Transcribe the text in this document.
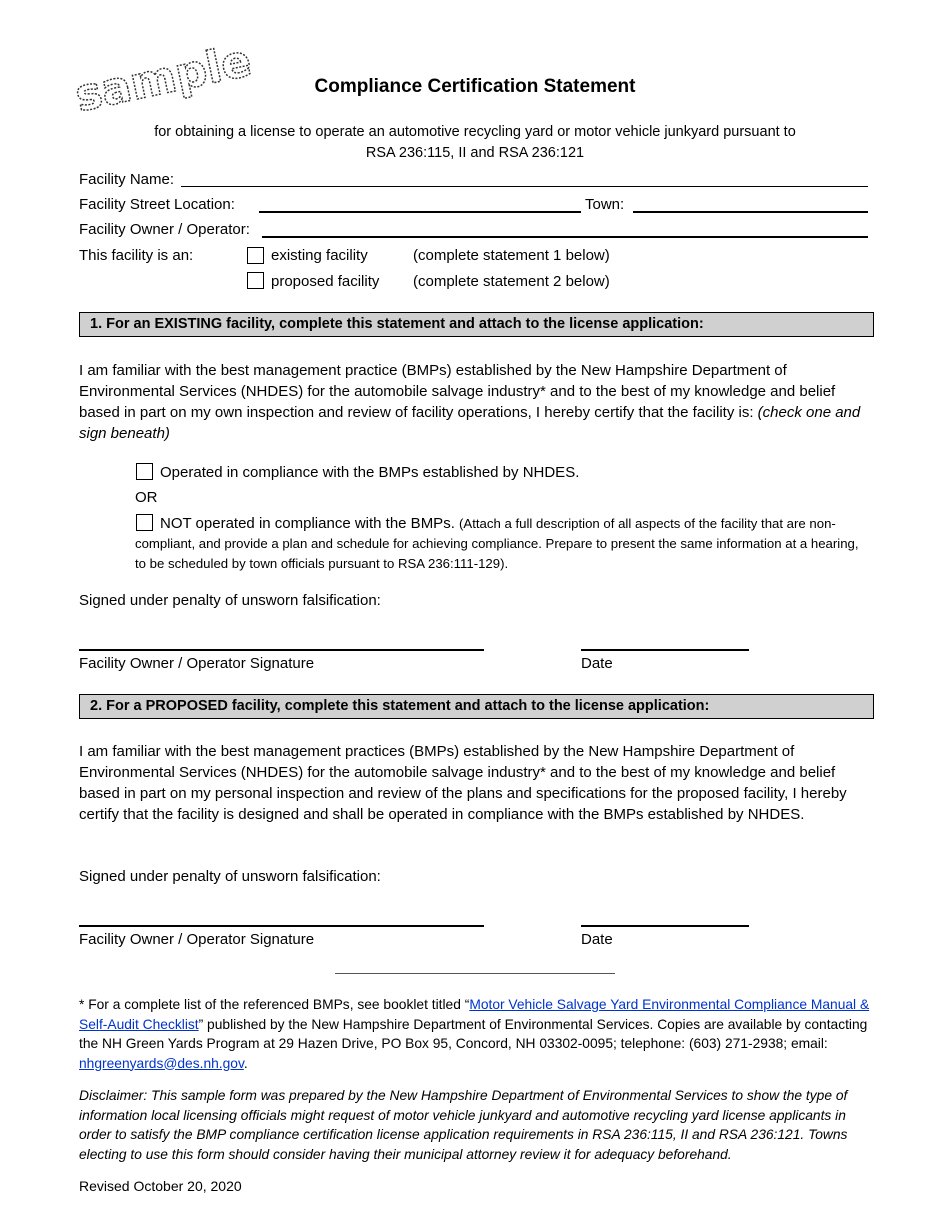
sample	Compliance Certification Statement
for obtaining a license to operate an automotive recycling yard or motor vehicle junkyard pursuant to
RSA 236:115, II and RSA 236:121
Facility Name:
Facility Street Location:	Town:
Facility Owner / Operator:
This facility is an:	existing facility	(complete statement 1 below)
proposed facility (complete statement 2 below)
1. For an EXISTING facility, complete this statement and attach to the license application:
I am familiar with the best management practice (BMPs) established by the New Hampshire Department of Environmental Services (NHDES) for the automobile salvage industry* and to the best of my knowledge and belief based in part on my own inspection and review of facility operations, I hereby certify that the facility is: (check one and sign beneath)
Operated in compliance with the BMPs established by NHDES.
OR
NOT operated in compliance with the BMPs. (Attach a full description of all aspects of the facility that are non-compliant, and provide a plan and schedule for achieving compliance. Prepare to present the same information at a hearing, to be scheduled by town officials pursuant to RSA 236:111-129).
Signed under penalty of unsworn falsification:
Facility Owner / Operator Signature	Date
2. For a PROPOSED facility, complete this statement and attach to the license application:
I am familiar with the best management practices (BMPs) established by the New Hampshire Department of Environmental Services (NHDES) for the automobile salvage industry* and to the best of my knowledge and belief based in part on my personal inspection and review of the plans and specifications for the proposed facility, I hereby certify that the facility is designed and shall be operated in compliance with the BMPs established by NHDES.
Signed under penalty of unsworn falsification:
Facility Owner / Operator Signature	Date
* For a complete list of the referenced BMPs, see booklet titled “Motor Vehicle Salvage Yard Environmental Compliance Manual & Self-Audit Checklist” published by the New Hampshire Department of Environmental Services. Copies are available by contacting the NH Green Yards Program at 29 Hazen Drive, PO Box 95, Concord, NH 03302-0095; telephone: (603) 271-2938; email: nhgreenyards@des.nh.gov.
Disclaimer: This sample form was prepared by the New Hampshire Department of Environmental Services to show the type of information local licensing officials might request of motor vehicle junkyard and automotive recycling yard license applicants in order to satisfy the BMP compliance certification license application requirements in RSA 236:115, II and RSA 236:121. Towns electing to use this form should consider having their municipal attorney review it for adequacy beforehand.
Revised October 20, 2020
